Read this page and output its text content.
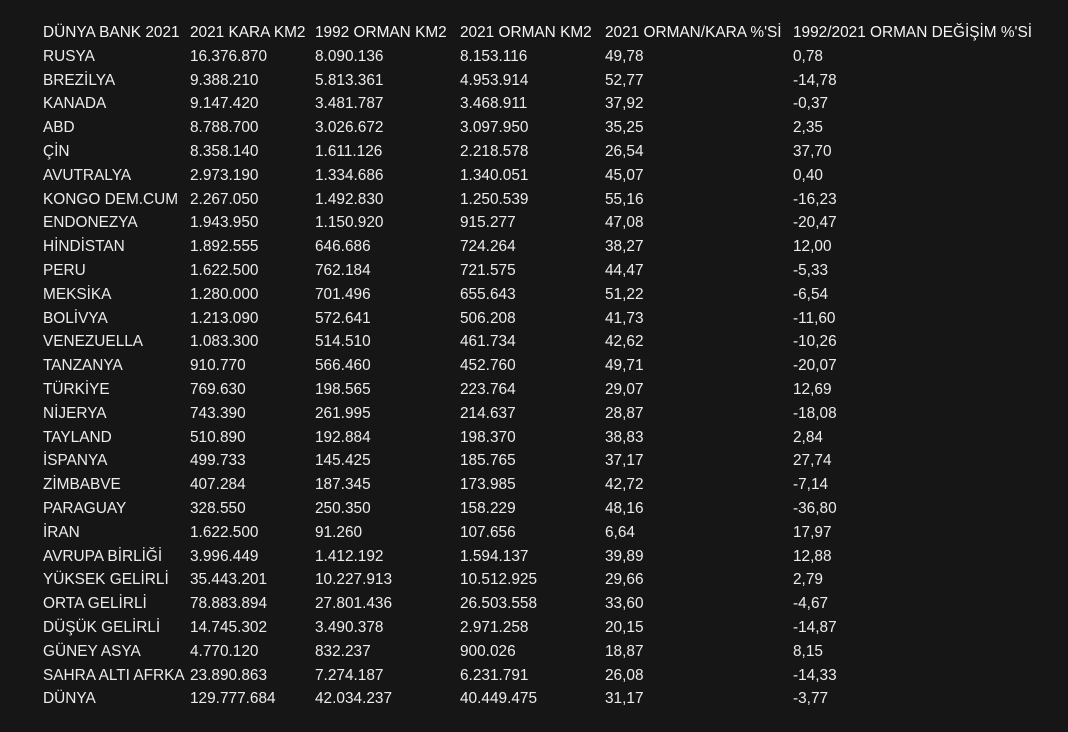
DÜNYA BANK 2021	2021 KARA KM2	1992 ORMAN KM2	2021 ORMAN KM2	2021 ORMAN/KARA %'Sİ	1992/2021 ORMAN DEĞİŞİM %'Sİ
RUSYA	16.376.870	8.090.136	8.153.116	49,78	0,78
BREZİLYA	9.388.210	5.813.361	4.953.914	52,77	-14,78
KANADA	9.147.420	3.481.787	3.468.911	37,92	-0,37
ABD	8.788.700	3.026.672	3.097.950	35,25	2,35
ÇİN	8.358.140	1.611.126	2.218.578	26,54	37,70
AVUTRALYA	2.973.190	1.334.686	1.340.051	45,07	0,40
KONGO DEM.CUM	2.267.050	1.492.830	1.250.539	55,16	-16,23
ENDONEZYA	1.943.950	1.150.920	915.277	47,08	-20,47
HİNDİSTAN	1.892.555	646.686	724.264	38,27	12,00
PERU	1.622.500	762.184	721.575	44,47	-5,33
MEKSİKA	1.280.000	701.496	655.643	51,22	-6,54
BOLİVYA	1.213.090	572.641	506.208	41,73	-11,60
VENEZUELLA	1.083.300	514.510	461.734	42,62	-10,26
TANZANYA	910.770	566.460	452.760	49,71	-20,07
TÜRKİYE	769.630	198.565	223.764	29,07	12,69
NİJERYA	743.390	261.995	214.637	28,87	-18,08
TAYLAND	510.890	192.884	198.370	38,83	2,84
İSPANYA	499.733	145.425	185.765	37,17	27,74
ZİMBABVE	407.284	187.345	173.985	42,72	-7,14
PARAGUAY	328.550	250.350	158.229	48,16	-36,80
İRAN	1.622.500	91.260	107.656	6,64	17,97
AVRUPA BİRLİĞİ	3.996.449	1.412.192	1.594.137	39,89	12,88
YÜKSEK GELİRLİ	35.443.201	10.227.913	10.512.925	29,66	2,79
ORTA GELİRLİ	78.883.894	27.801.436	26.503.558	33,60	-4,67
DÜŞÜK GELİRLİ	14.745.302	3.490.378	2.971.258	20,15	-14,87
GÜNEY ASYA	4.770.120	832.237	900.026	18,87	8,15
SAHRA ALTI AFRKA	23.890.863	7.274.187	6.231.791	26,08	-14,33
DÜNYA	129.777.684	42.034.237	40.449.475	31,17	-3,77
